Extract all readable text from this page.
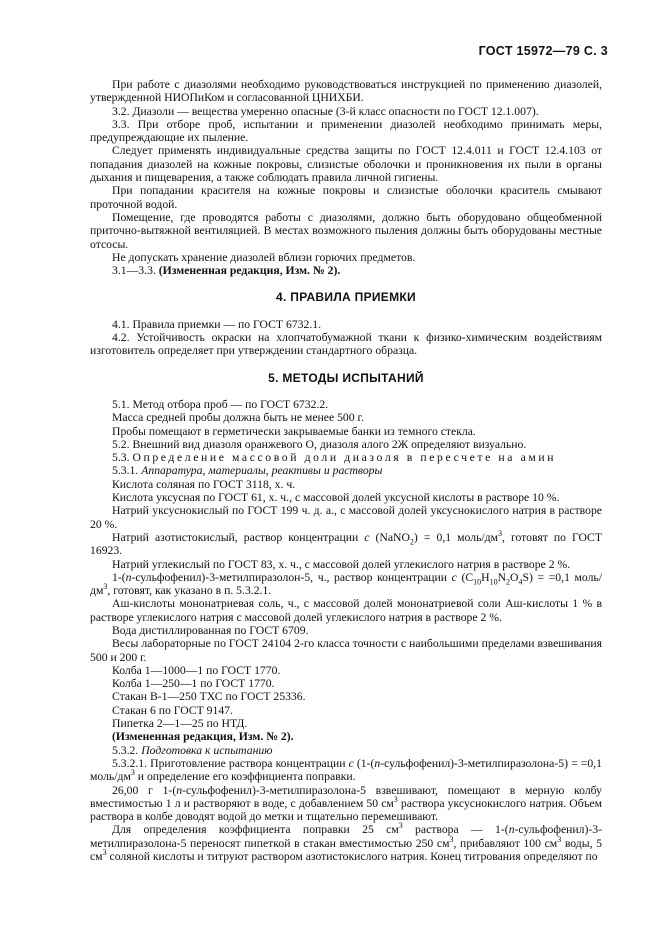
ГОСТ 15972—79 С. 3

При работе с диазолями необходимо руководствоваться инструкцией по применению диазолей, утвержденной НИОПиКом и согласованной ЦНИХБИ.

3.2. Диазоли — вещества умеренно опасные (3-й класс опасности по ГОСТ 12.1.007).

3.3. При отборе проб, испытании и применении диазолей необходимо принимать меры, предупреждающие их пыление.

Следует применять индивидуальные средства защиты по ГОСТ 12.4.011 и ГОСТ 12.4.103 от попадания диазолей на кожные покровы, слизистые оболочки и проникновения их пыли в органы дыхания и пищеварения, а также соблюдать правила личной гигиены.

При попадании красителя на кожные покровы и слизистые оболочки краситель смывают проточной водой.

Помещение, где проводятся работы с диазолями, должно быть оборудовано общеобменной приточно-вытяжной вентиляцией. В местах возможного пыления должны быть оборудованы местные отсосы.

Не допускать хранение диазолей вблизи горючих предметов.

3.1—3.3. (Измененная редакция, Изм. № 2).

4. ПРАВИЛА ПРИЕМКИ

4.1. Правила приемки — по ГОСТ 6732.1.

4.2. Устойчивость окраски на хлопчатобумажной ткани к физико-химическим воздействиям изготовитель определяет при утверждении стандартного образца.

5. МЕТОДЫ ИСПЫТАНИЙ

5.1. Метод отбора проб — по ГОСТ 6732.2.

Масса средней пробы должна быть не менее 500 г.

Пробы помещают в герметически закрываемые банки из темного стекла.

5.2. Внешний вид диазоля оранжевого О, диазоля алого 2Ж определяют визуально.

5.3. Определение массовой доли диазоля в пересчете на амин

5.3.1. Аппаратура, материалы, реактивы и растворы

Кислота соляная по ГОСТ 3118, х. ч.

Кислота уксусная по ГОСТ 61, х. ч., с массовой долей уксусной кислоты в растворе 10 %.

Натрий уксуснокислый по ГОСТ 199 ч. д. а., с массовой долей уксуснокислого натрия в растворе 20 %.

Натрий азотистокислый, раствор концентрации c (NaNO$_2$) = 0,1 моль/$дм^3$, готовят по ГОСТ 16923.

Натрий углекислый по ГОСТ 83, х. ч., с массовой долей углекислого натрия в растворе 2 %.

1-(п-сульфофенил)-3-метилпиразолон-5, ч., раствор концентрации c $(C_{10}H_{10}N_2O_4S) = =0,1$ моль/$дм^3$, готовят, как указано в п. 5.3.2.1.

Аш-кислоты мононатриевая соль, ч., с массовой долей мононатриевой соли Аш-кислоты 1 % в растворе углекислого натрия с массовой долей углекислого натрия в растворе 2 %.

Вода дистиллированная по ГОСТ 6709.

Весы лабораторные по ГОСТ 24104 2-го класса точности с наибольшими пределами взвешивания 500 и 200 г.

Колба 1—1000—1 по ГОСТ 1770.

Колба 1—250—1 по ГОСТ 1770.

Стакан В-1—250 ТХС по ГОСТ 25336.

Стакан 6 по ГОСТ 9147.

Пипетка 2—1—25 по НТД.

(Измененная редакция, Изм. № 2).

5.3.2. Подготовка к испытанию

5.3.2.1. Приготовление раствора концентрации c (1-(п-сульфофенил)-3-метилпиразолона-5) = =0,1 моль/$дм^3$ и определение его коэффициента поправки.

26,00 г 1-(п-сульфофенил)-3-метилпиразолона-5 взвешивают, помещают в мерную колбу вместимостью 1 л и растворяют в воде, с добавлением 50 $см^3$ раствора уксуснокислого натрия. Объем раствора в колбе доводят водой до метки и тщательно перемешивают.

Для определения коэффициента поправки 25 $см^3$ раствора — 1-(п-сульфофенил)-3-метилпиразолона-5 переносят пипеткой в стакан вместимостью 250 $см^3$, прибавляют 100 $см^3$ воды, 5 $см^3$ соляной кислоты и титруют раствором азотистокислого натрия. Конец титрования определяют по
